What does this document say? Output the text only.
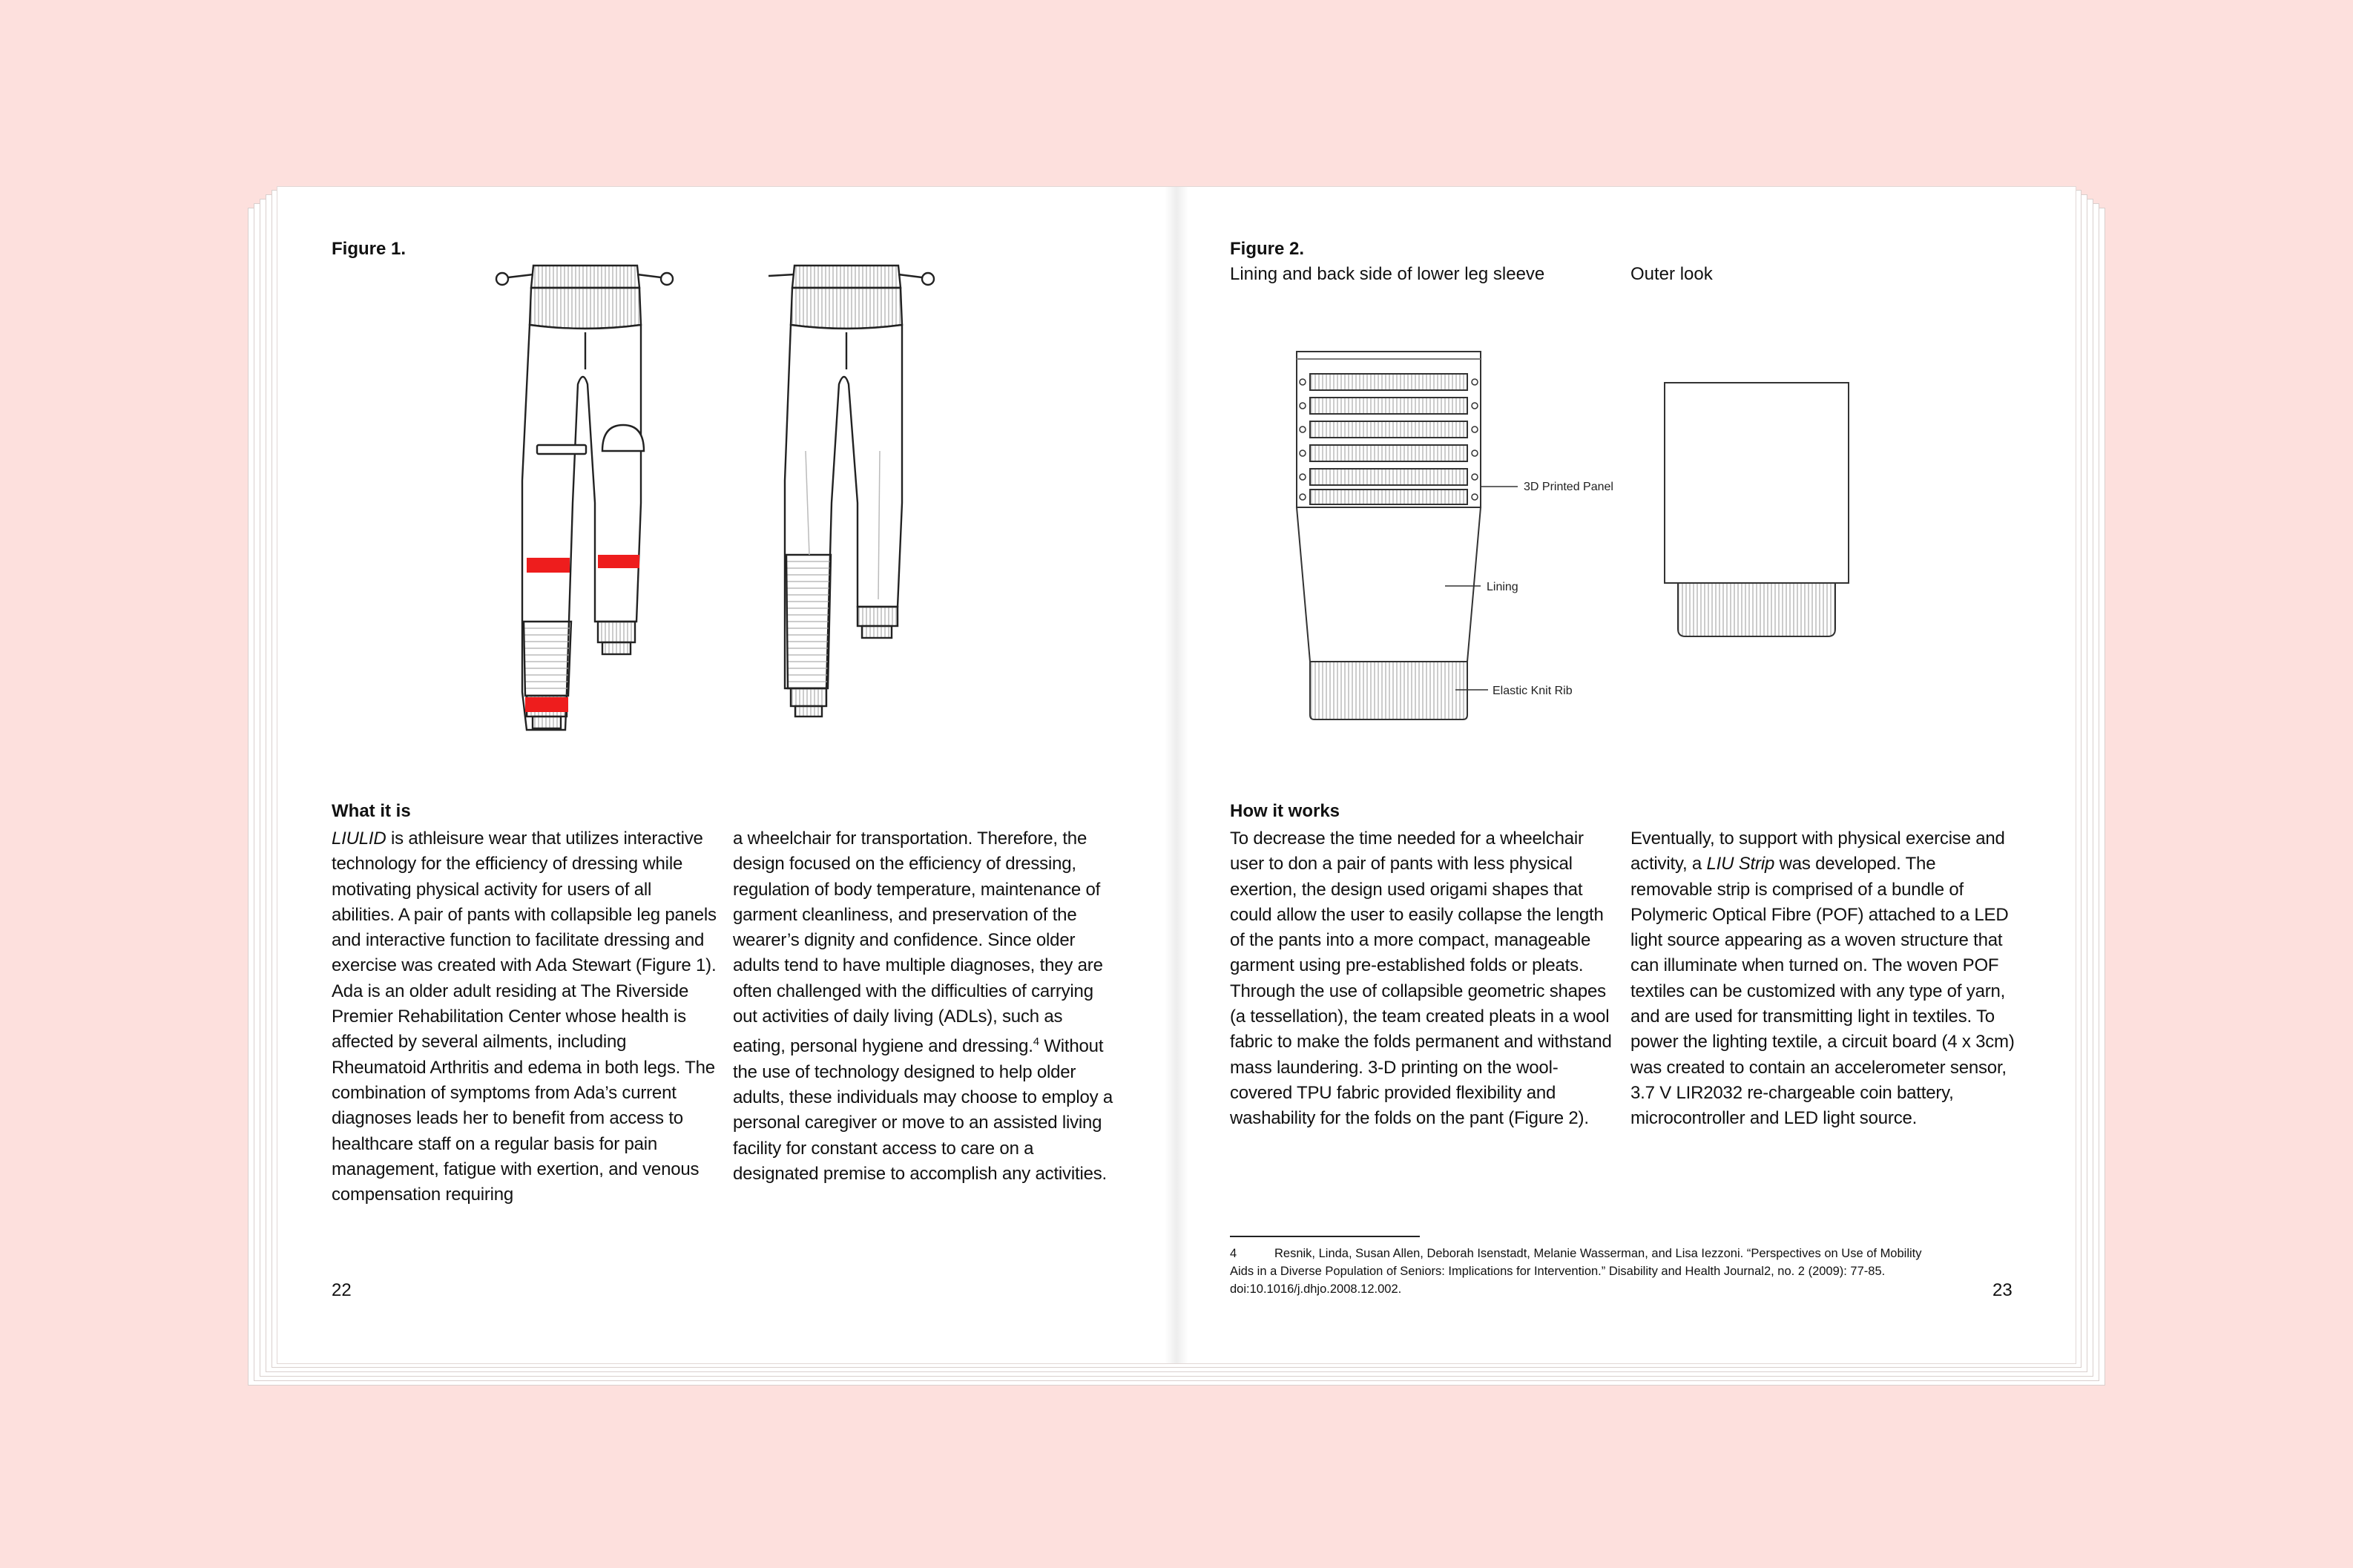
Figure 1.
What it is

LIULID is athleisure wear that utilizes interactive technology for the efficiency of dressing while motivating physical activity for users of all abilities. A pair of pants with collapsible leg panels and interactive function to facilitate dressing and exercise was created with Ada Stewart (Figure 1). Ada is an older adult residing at The Riverside Premier Rehabilitation Center whose health is affected by several ailments, including Rheumatoid Arthritis and edema in both legs. The combination of symptoms from Ada’s current diagnoses leads her to benefit from access to healthcare staff on a regular basis for pain management, fatigue with exertion, and venous compensation requiring

a wheelchair for transportation. Therefore, the design focused on the efficiency of dressing, regulation of body temperature, maintenance of garment cleanliness, and preservation of the wearer’s dignity and confidence. Since older adults tend to have multiple diagnoses, they are often challenged with the difficulties of carrying out activities of daily living (ADLs), such as eating, personal hygiene and dressing.$^4$ Without the use of technology designed to help older adults, these individuals may choose to employ a personal caregiver or move to an assisted living facility for constant access to care on a designated premise to accomplish any activities.

22
Figure 2.
Lining and back side of lower leg sleeve	Outer look
3D Printed Panel
Lining
Elastic Knit Rib
How it works

To decrease the time needed for a wheelchair user to don a pair of pants with less physical exertion, the design used origami shapes that could allow the user to easily collapse the length of the pants into a more compact, manageable garment using pre-established folds or pleats. Through the use of collapsible geometric shapes (a tessellation), the team created pleats in a wool fabric to make the folds permanent and withstand mass laundering. 3-D printing on the wool-covered TPU fabric provided flexibility and washability for the folds on the pant (Figure 2).

Eventually, to support with physical exercise and activity, a LIU Strip was developed. The removable strip is comprised of a bundle of Polymeric Optical Fibre (POF) attached to a LED light source appearing as a woven structure that can illuminate when turned on. The woven POF textiles can be customized with any type of yarn, and are used for transmitting light in textiles. To power the lighting textile, a circuit board (4 x 3cm) was created to contain an accelerometer sensor, 3.7 V LIR2032 re-chargeable coin battery, microcontroller and LED light source.

4	Resnik, Linda, Susan Allen, Deborah Isenstadt, Melanie Wasserman, and Lisa Iezzoni. “Perspectives on Use of Mobility Aids in a Diverse Population of Seniors: Implications for Intervention.” Disability and Health Journal2, no. 2 (2009): 77-85. doi:10.1016/j.dhjo.2008.12.002.	23
